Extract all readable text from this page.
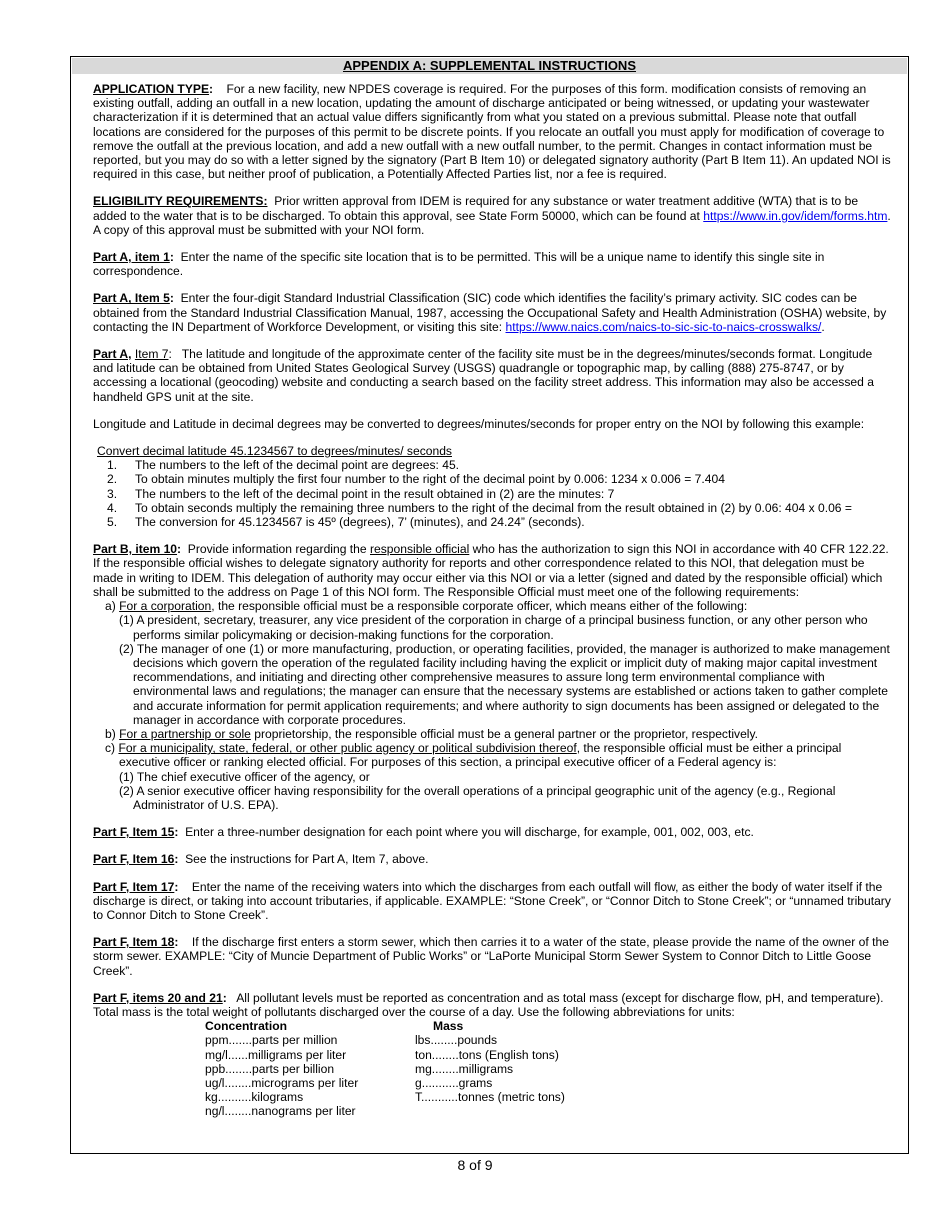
APPENDIX A: SUPPLEMENTAL INSTRUCTIONS

APPLICATION TYPE: For a new facility, new NPDES coverage is required. For the purposes of this form. modification consists of removing an existing outfall, adding an outfall in a new location, updating the amount of discharge anticipated or being witnessed, or updating your wastewater characterization if it is determined that an actual value differs significantly from what you stated on a previous submittal. Please note that outfall locations are considered for the purposes of this permit to be discrete points. If you relocate an outfall you must apply for modification of coverage to remove the outfall at the previous location, and add a new outfall with a new outfall number, to the permit. Changes in contact information must be reported, but you may do so with a letter signed by the signatory (Part B Item 10) or delegated signatory authority (Part B Item 11). An updated NOI is required in this case, but neither proof of publication, a Potentially Affected Parties list, nor a fee is required.

ELIGIBILITY REQUIREMENTS: Prior written approval from IDEM is required for any substance or water treatment additive (WTA) that is to be added to the water that is to be discharged. To obtain this approval, see State Form 50000, which can be found at https://www.in.gov/idem/forms.htm. A copy of this approval must be submitted with your NOI form.

Part A, item 1: Enter the name of the specific site location that is to be permitted. This will be a unique name to identify this single site in correspondence.

Part A, Item 5: Enter the four-digit Standard Industrial Classification (SIC) code which identifies the facility’s primary activity. SIC codes can be obtained from the Standard Industrial Classification Manual, 1987, accessing the Occupational Safety and Health Administration (OSHA) website, by contacting the IN Department of Workforce Development, or visiting this site: https://www.naics.com/naics-to-sic-sic-to-naics-crosswalks/.

Part A, Item 7:   The latitude and longitude of the approximate center of the facility site must be in the degrees/minutes/seconds format. Longitude and latitude can be obtained from United States Geological Survey (USGS) quadrangle or topographic map, by calling (888) 275-8747, or by accessing a locational (geocoding) website and conducting a search based on the facility street address. This information may also be accessed a handheld GPS unit at the site.

Longitude and Latitude in decimal degrees may be converted to degrees/minutes/seconds for proper entry on the NOI by following this example:

Convert decimal latitude 45.1234567 to degrees/minutes/ seconds
1. The numbers to the left of the decimal point are degrees: 45.
2. To obtain minutes multiply the first four number to the right of the decimal point by 0.006: 1234 x 0.006 = 7.404
3. The numbers to the left of the decimal point in the result obtained in (2) are the minutes: 7
4. To obtain seconds multiply the remaining three numbers to the right of the decimal from the result obtained in (2) by 0.06: 404 x 0.06 =
5. The conversion for 45.1234567 is 45º (degrees), 7’ (minutes), and 24.24” (seconds).
Part B, item 10: Provide information regarding the responsible official who has the authorization to sign this NOI in accordance with 40 CFR 122.22. If the responsible official wishes to delegate signatory authority for reports and other correspondence related to this NOI, that delegation must be made in writing to IDEM. This delegation of authority may occur either via this NOI or via a letter (signed and dated by the responsible official) which shall be submitted to the address on Page 1 of this NOI form. The Responsible Official must meet one of the following requirements:
a) For a corporation, the responsible official must be a responsible corporate officer, which means either of the following:
(1) A president, secretary, treasurer, any vice president of the corporation in charge of a principal business function, or any other person who performs similar policymaking or decision-making functions for the corporation.
(2) The manager of one (1) or more manufacturing, production, or operating facilities, provided, the manager is authorized to make management decisions which govern the operation of the regulated facility including having the explicit or implicit duty of making major capital investment recommendations, and initiating and directing other comprehensive measures to assure long term environmental compliance with environmental laws and regulations; the manager can ensure that the necessary systems are established or actions taken to gather complete and accurate information for permit application requirements; and where authority to sign documents has been assigned or delegated to the manager in accordance with corporate procedures.
b) For a partnership or sole proprietorship, the responsible official must be a general partner or the proprietor, respectively.
c) For a municipality, state, federal, or other public agency or political subdivision thereof, the responsible official must be either a principal executive officer or ranking elected official. For purposes of this section, a principal executive officer of a Federal agency is:
(1) The chief executive officer of the agency, or
(2) A senior executive officer having responsibility for the overall operations of a principal geographic unit of the agency (e.g., Regional Administrator of U.S. EPA).

Part F, Item 15: Enter a three-number designation for each point where you will discharge, for example, 001, 002, 003, etc.

Part F, Item 16: See the instructions for Part A, Item 7, above.

Part F, Item 17: Enter the name of the receiving waters into which the discharges from each outfall will flow, as either the body of water itself if the discharge is direct, or taking into account tributaries, if applicable. EXAMPLE: “Stone Creek”, or “Connor Ditch to Stone Creek”; or “unnamed tributary to Connor Ditch to Stone Creek”.

Part F, Item 18: If the discharge first enters a storm sewer, which then carries it to a water of the state, please provide the name of the owner of the storm sewer. EXAMPLE: “City of Muncie Department of Public Works” or “LaPorte Municipal Storm Sewer System to Connor Ditch to Little Goose Creek”.

Part F, items 20 and 21: All pollutant levels must be reported as concentration and as total mass (except for discharge flow, pH, and temperature). Total mass is the total weight of pollutants discharged over the course of a day. Use the following abbreviations for units:
Concentration	Mass
ppm.......parts per million	lbs........pounds
mg/l......milligrams per liter	ton........tons (English tons)
ppb........parts per billion	mg........milligrams
ug/l........micrograms per liter	g...........grams
kg..........kilograms	T...........tonnes (metric tons)
ng/l........nanograms per liter
8 of 9
